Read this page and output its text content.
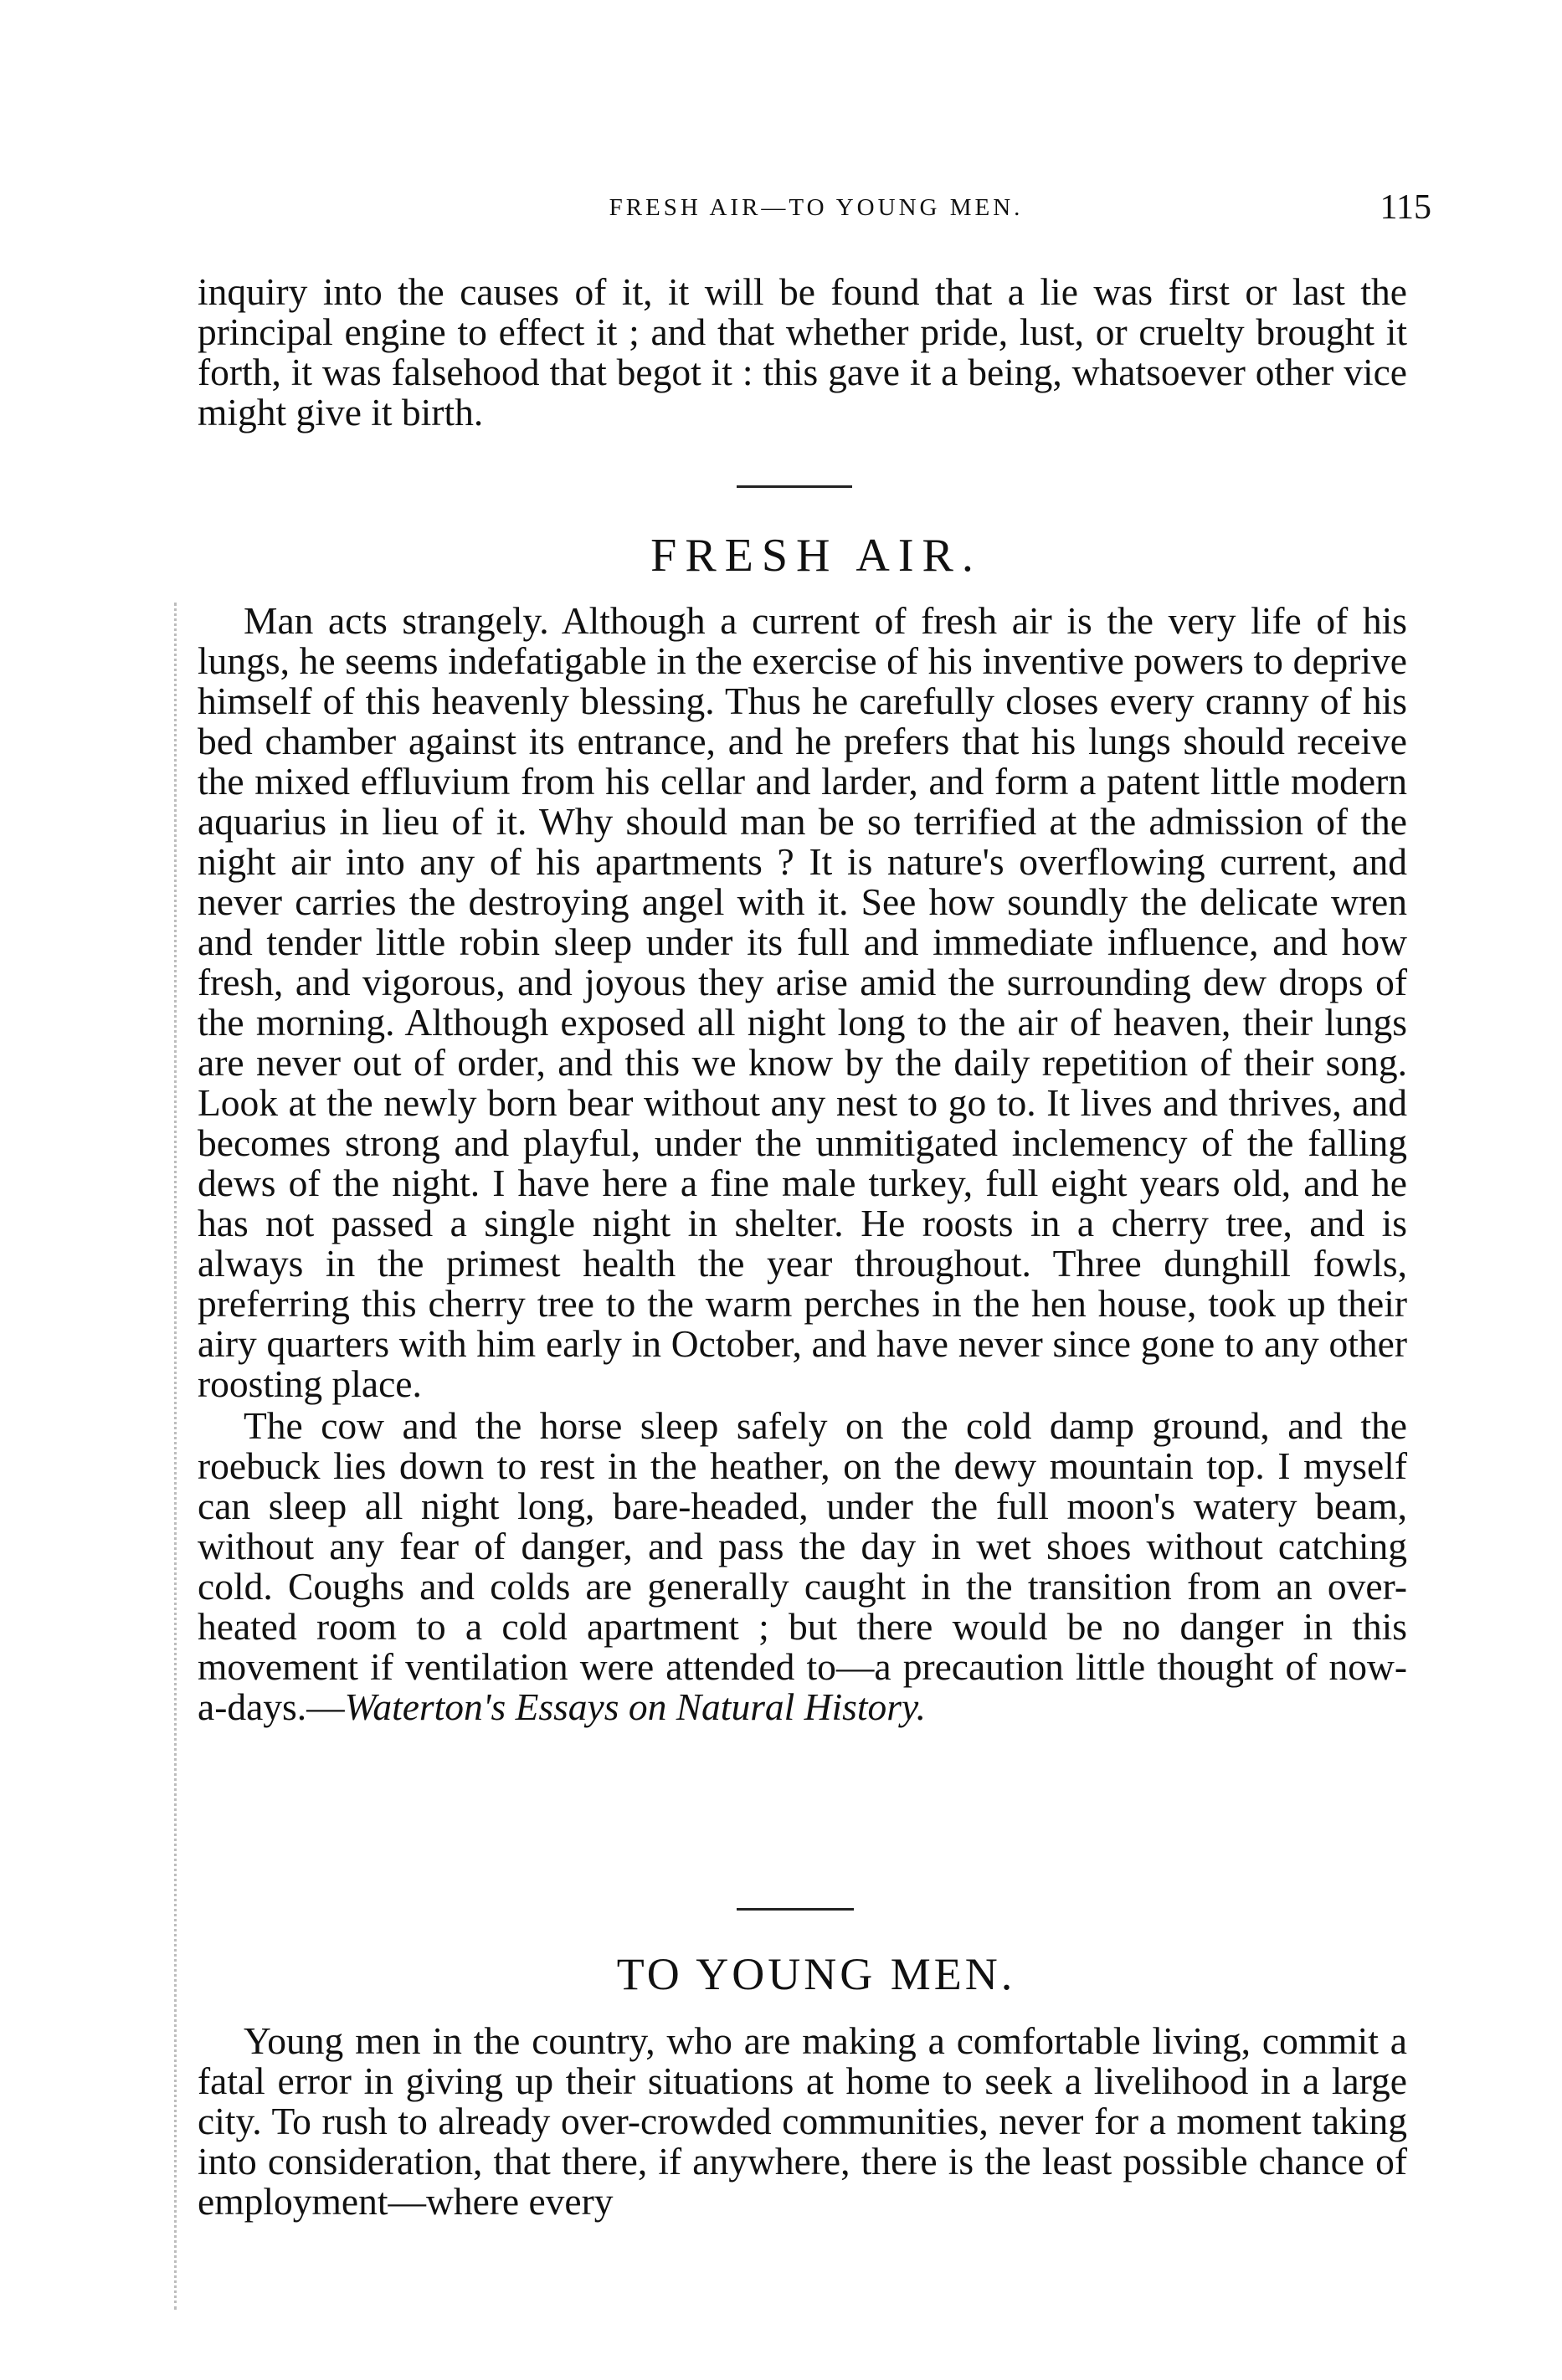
FRESH AIR—TO YOUNG MEN.	115

inquiry into the causes of it, it will be found that a lie was first or last the principal engine to effect it ; and that whether pride, lust, or cruelty brought it forth, it was falsehood that begot it : this gave it a being, whatsoever other vice might give it birth.

FRESH AIR.

Man acts strangely. Although a current of fresh air is the very life of his lungs, he seems indefatigable in the exercise of his inventive powers to deprive himself of this heavenly blessing. Thus he carefully closes every cranny of his bed chamber against its entrance, and he prefers that his lungs should receive the mixed effluvium from his cellar and larder, and form a patent little modern aquarius in lieu of it. Why should man be so terrified at the admission of the night air into any of his apartments ? It is nature's overflowing current, and never carries the destroying angel with it. See how soundly the delicate wren and tender little robin sleep under its full and immediate influence, and how fresh, and vigorous, and joyous they arise amid the surrounding dew drops of the morning. Although exposed all night long to the air of heaven, their lungs are never out of order, and this we know by the daily repetition of their song. Look at the newly born bear without any nest to go to. It lives and thrives, and becomes strong and playful, under the unmitigated inclemency of the falling dews of the night. I have here a fine male turkey, full eight years old, and he has not passed a single night in shelter. He roosts in a cherry tree, and is always in the primest health the year throughout. Three dunghill fowls, preferring this cherry tree to the warm perches in the hen house, took up their airy quarters with him early in October, and have never since gone to any other roosting place.

The cow and the horse sleep safely on the cold damp ground, and the roebuck lies down to rest in the heather, on the dewy mountain top. I myself can sleep all night long, bare-headed, under the full moon's watery beam, without any fear of danger, and pass the day in wet shoes without catching cold. Coughs and colds are generally caught in the transition from an over-heated room to a cold apartment ; but there would be no danger in this movement if ventilation were attended to—a precaution little thought of now-a-days.—Waterton's Essays on Natural History.

TO YOUNG MEN.

Young men in the country, who are making a comfortable living, commit a fatal error in giving up their situations at home to seek a livelihood in a large city. To rush to already over-crowded communities, never for a moment taking into consideration, that there, if anywhere, there is the least possible chance of employment—where every
